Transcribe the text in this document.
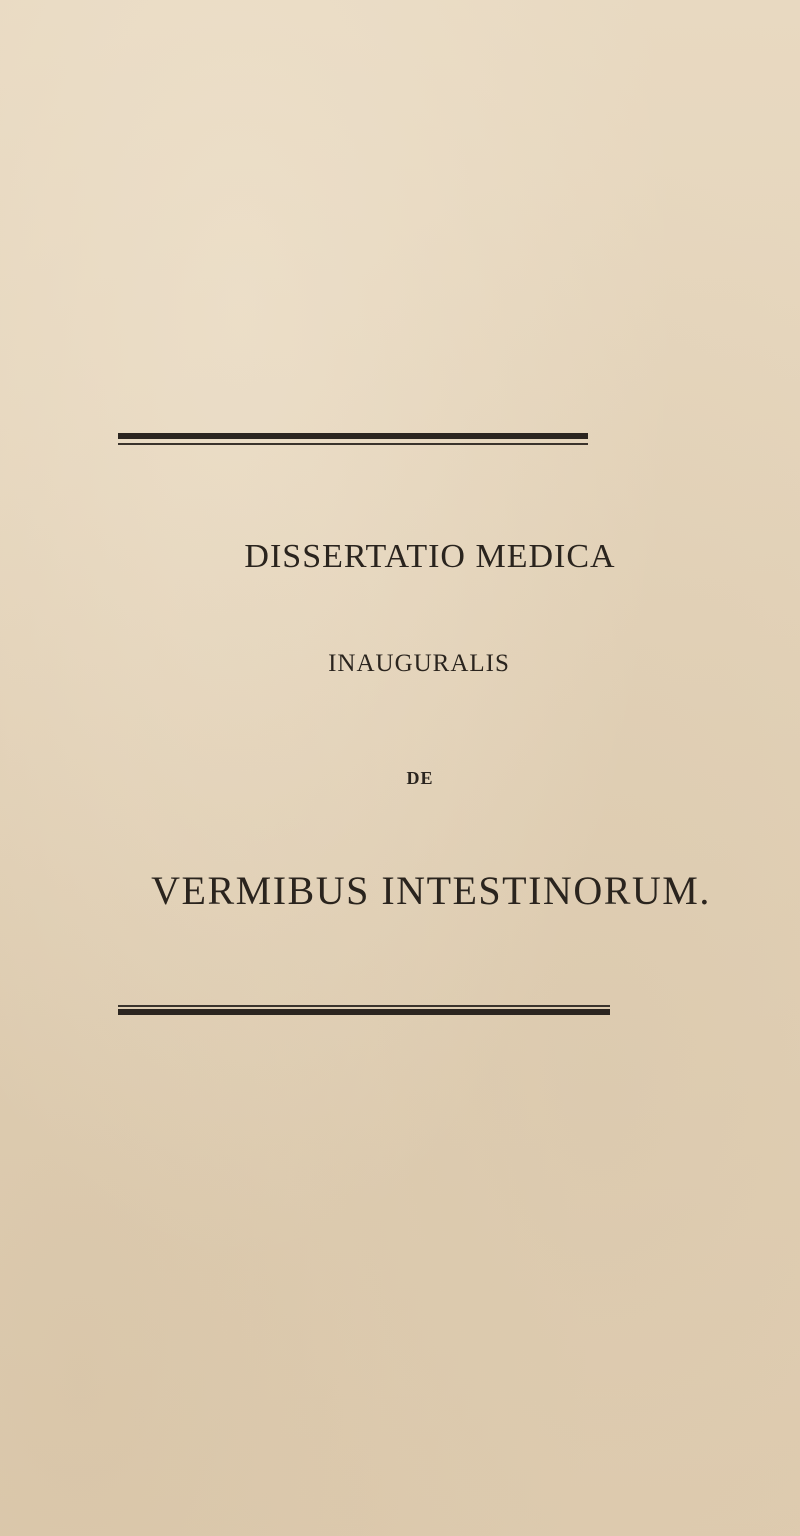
DISSERTATIO MEDICA
INAUGURALIS
DE
VERMIBUS INTESTINORUM.
